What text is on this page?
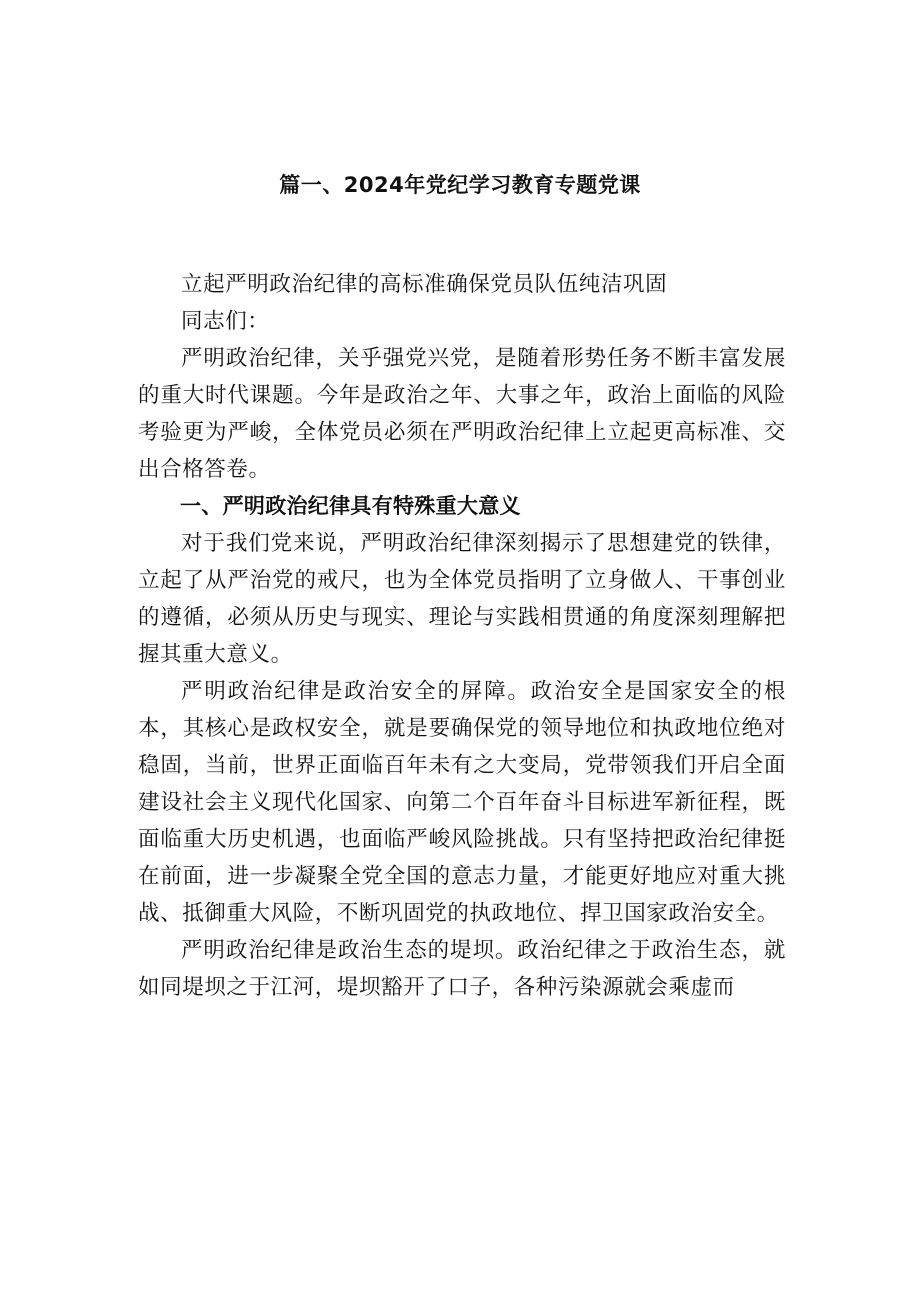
篇一、2024年党纪学习教育专题党课

立起严明政治纪律的高标准确保党员队伍纯洁巩固

同志们：

严明政治纪律，关乎强党兴党，是随着形势任务不断丰富发展的重大时代课题。今年是政治之年、大事之年，政治上面临的风险考验更为严峻，全体党员必须在严明政治纪律上立起更高标准、交出合格答卷。

一、严明政治纪律具有特殊重大意义

对于我们党来说，严明政治纪律深刻揭示了思想建党的铁律，立起了从严治党的戒尺，也为全体党员指明了立身做人、干事创业的遵循，必须从历史与现实、理论与实践相贯通的角度深刻理解把握其重大意义。

严明政治纪律是政治安全的屏障。政治安全是国家安全的根本，其核心是政权安全，就是要确保党的领导地位和执政地位绝对稳固，当前，世界正面临百年未有之大变局，党带领我们开启全面建设社会主义现代化国家、向第二个百年奋斗目标进军新征程，既面临重大历史机遇，也面临严峻风险挑战。只有坚持把政治纪律挺在前面，进一步凝聚全党全国的意志力量，才能更好地应对重大挑战、抵御重大风险，不断巩固党的执政地位、捍卫国家政治安全。

严明政治纪律是政治生态的堤坝。政治纪律之于政治生态，就如同堤坝之于江河，堤坝豁开了口子，各种污染源就会乘虚而
